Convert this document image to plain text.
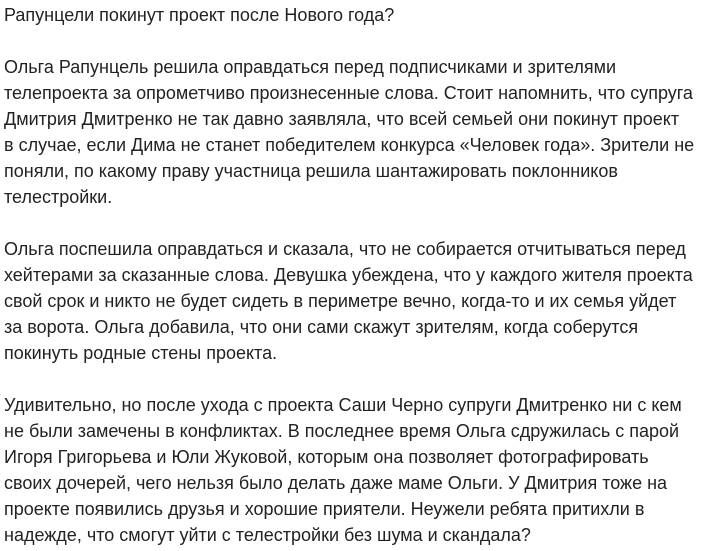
Рапунцели покинут проект после Нового года?

Ольга Рапунцель решила оправдаться перед подписчиками и зрителями
телепроекта за опрометчиво произнесенные слова. Стоит напомнить, что супруга
Дмитрия Дмитренко не так давно заявляла, что всей семьей они покинут проект
в случае, если Дима не станет победителем конкурса «Человек года». Зрители не
поняли, по какому праву участница решила шантажировать поклонников
телестройки.

Ольга поспешила оправдаться и сказала, что не собирается отчитываться перед
хейтерами за сказанные слова. Девушка убеждена, что у каждого жителя проекта
свой срок и никто не будет сидеть в периметре вечно, когда-то и их семья уйдет
за ворота. Ольга добавила, что они сами скажут зрителям, когда соберутся
покинуть родные стены проекта.

Удивительно, но после ухода с проекта Саши Черно супруги Дмитренко ни с кем
не были замечены в конфликтах. В последнее время Ольга сдружилась с парой
Игоря Григорьева и Юли Жуковой, которым она позволяет фотографировать
своих дочерей, чего нельзя было делать даже маме Ольги. У Дмитрия тоже на
проекте появились друзья и хорошие приятели. Неужели ребята притихли в
надежде, что смогут уйти с телестройки без шума и скандала?
